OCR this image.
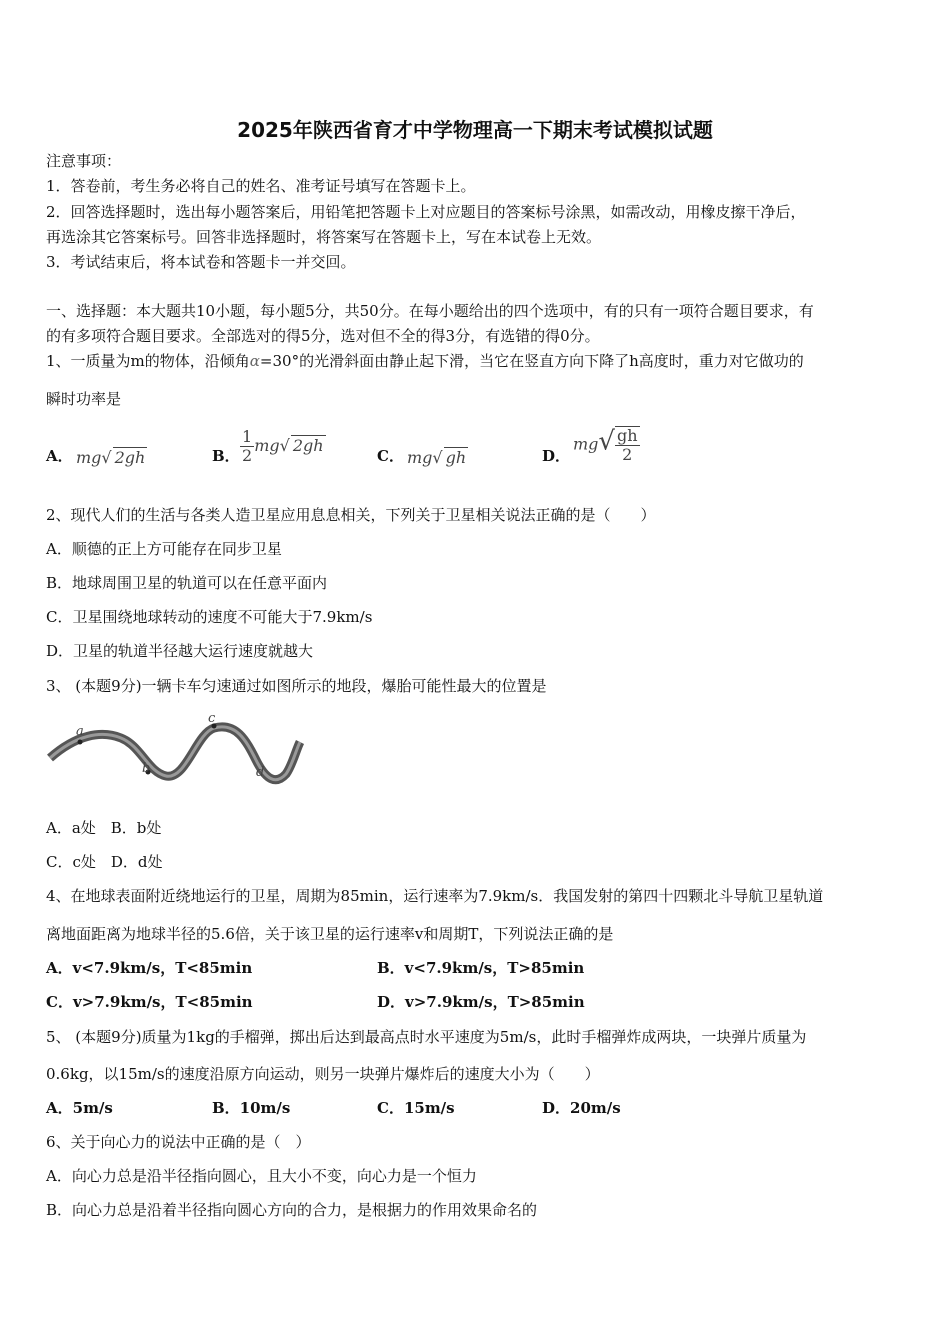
2025年陕西省育才中学物理高一下期末考试模拟试题
注意事项：
1．答卷前，考生务必将自己的姓名、准考证号填写在答题卡上。
2．回答选择题时，选出每小题答案后，用铅笔把答题卡上对应题目的答案标号涂黑，如需改动，用橡皮擦干净后，
再选涂其它答案标号。回答非选择题时，将答案写在答题卡上，写在本试卷上无效。
3．考试结束后，将本试卷和答题卡一并交回。
一、选择题：本大题共10小题，每小题5分，共50分。在每小题给出的四个选项中，有的只有一项符合题目要求，有
的有多项符合题目要求。全部选对的得5分，选对但不全的得3分，有选错的得0分。
1、一质量为m的物体，沿倾角α=30°的光滑斜面由静止起下滑，当它在竖直方向下降了h高度时，重力对它做功的
瞬时功率是
A． mg√ 2gh	B． $\frac{1}{2} mg√$ 2gh
C． mg√ gh	D．
$mg√ \frac{gh}{2}$
2、现代人们的生活与各类人造卫星应用息息相关，下列关于卫星相关说法正确的是（　　）
A．顺德的正上方可能存在同步卫星
B．地球周围卫星的轨道可以在任意平面内
C．卫星围绕地球转动的速度不可能大于7.9km/s
D．卫星的轨道半径越大运行速度就越大
3、 (本题9分)一辆卡车匀速通过如图所示的地段，爆胎可能性最大的位置是
a
b
c
d
A．a处　B．b处
C．c处　D．d处
4、在地球表面附近绕地运行的卫星，周期为85min，运行速率为7.9km/s．我国发射的第四十四颗北斗导航卫星轨道
离地面距离为地球半径的5.6倍，关于该卫星的运行速率v和周期T，下列说法正确的是
A．v<7.9km/s，T<85min	B．v<7.9km/s，T>85min
C．v>7.9km/s，T<85min	D．v>7.9km/s，T>85min
5、 (本题9分)质量为1kg的手榴弹，掷出后达到最高点时水平速度为5m/s，此时手榴弹炸成两块，一块弹片质量为
0.6kg，以15m/s的速度沿原方向运动，则另一块弹片爆炸后的速度大小为（　　）
A．5m/s	B．10m/s	C．15m/s	D．20m/s
6、关于向心力的说法中正确的是（　）
A．向心力总是沿半径指向圆心，且大小不变，向心力是一个恒力
B．向心力总是沿着半径指向圆心方向的合力，是根据力的作用效果命名的
